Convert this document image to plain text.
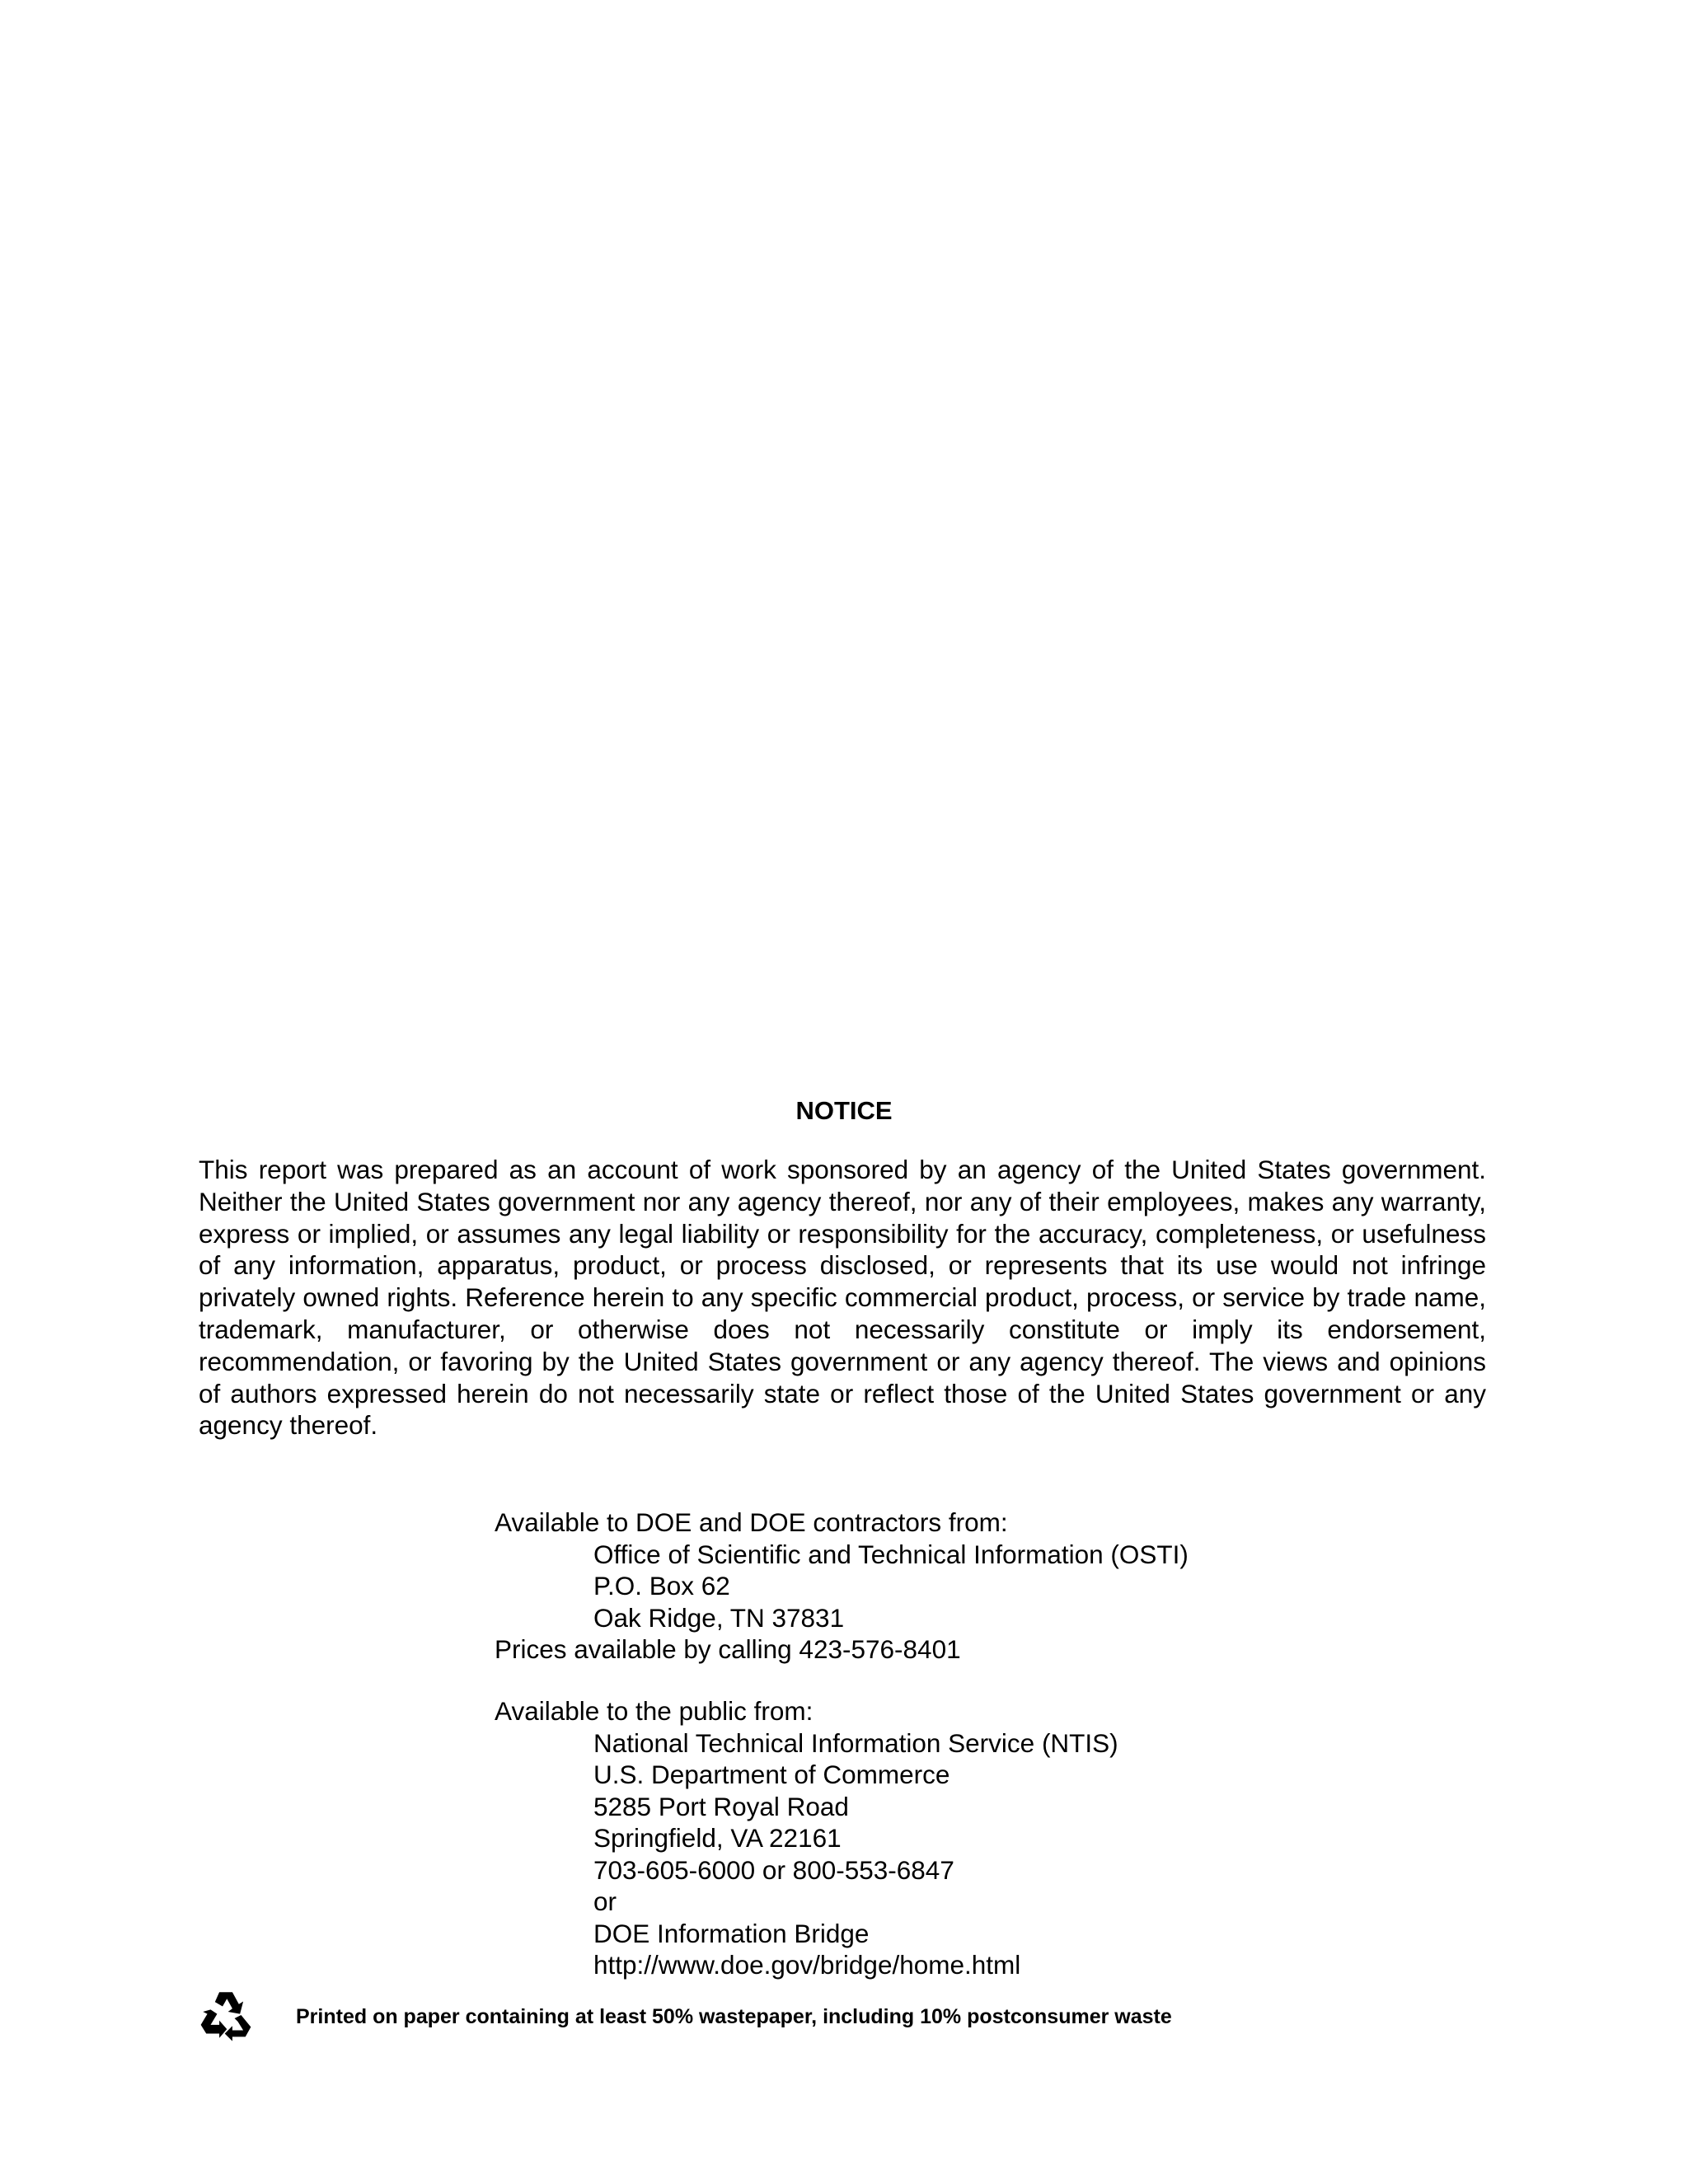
NOTICE

This report was prepared as an account of work sponsored by an agency of the United States government. Neither the United States government nor any agency thereof, nor any of their employees, makes any warranty, express or implied, or assumes any legal liability or responsibility for the accuracy, completeness, or usefulness of any information, apparatus, product, or process disclosed, or represents that its use would not infringe privately owned rights. Reference herein to any specific commercial product, process, or service by trade name, trademark, manufacturer, or otherwise does not necessarily constitute or imply its endorsement, recommendation, or favoring by the United States government or any agency thereof. The views and opinions of authors expressed herein do not necessarily state or reflect those of the United States government or any agency thereof.

Available to DOE and DOE contractors from:
Office of Scientific and Technical Information (OSTI)
P.O. Box 62
Oak Ridge, TN 37831
Prices available by calling 423-576-8401
Available to the public from:
National Technical Information Service (NTIS)
U.S. Department of Commerce
5285 Port Royal Road
Springfield, VA 22161
703-605-6000 or 800-553-6847
or
DOE Information Bridge
http://www.doe.gov/bridge/home.html
Printed on paper containing at least 50% wastepaper, including 10% postconsumer waste
